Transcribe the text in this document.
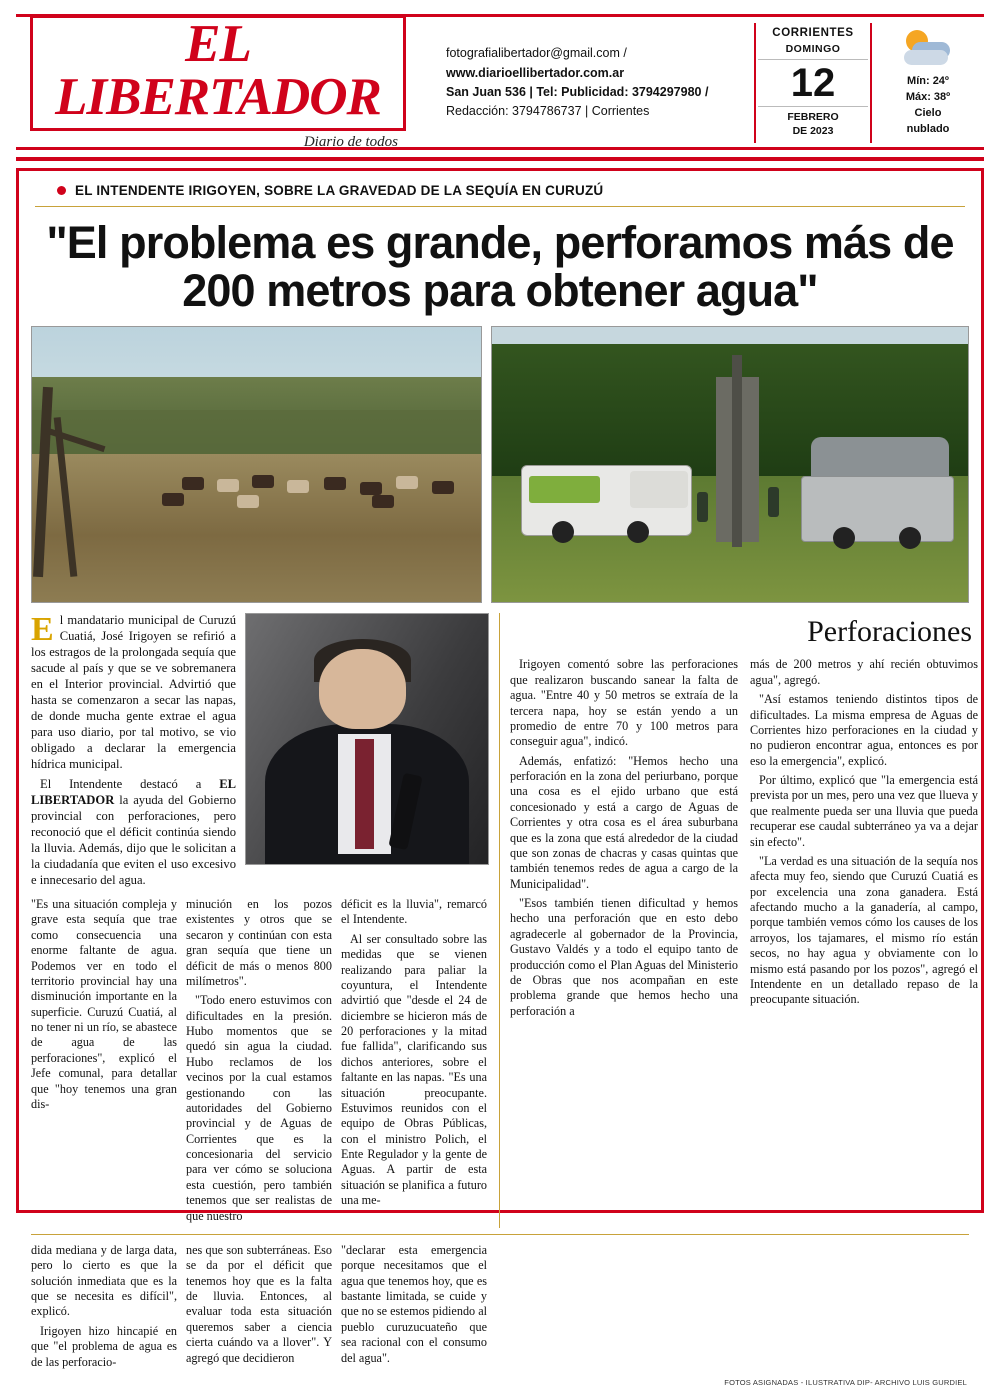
EL LIBERTADOR
Diario de todos
fotografialibertador@gmail.com /
www.diarioellibertador.com.ar
San Juan 536 | Tel: Publicidad: 3794297980 /
Redacción: 3794786737 | Corrientes
CORRIENTES
DOMINGO
12
FEBRERO
DE 2023
Mín: 24º
Máx: 38º
Cielo
nublado
EL INTENDENTE IRIGOYEN, SOBRE LA GRAVEDAD DE LA SEQUÍA EN CURUZÚ
"El problema es grande, perforamos más de 200 metros para obtener agua"
E l mandatario municipal de Curuzú Cuatiá, José Irigoyen se refirió a los estragos de la prolongada sequía que sacude al país y que se ve sobremanera en el Interior provincial. Advirtió que hasta se comenzaron a secar las napas, de donde mucha gente extrae el agua para uso diario, por tal motivo, se vio obligado a declarar la emergencia hídrica municipal.

El Intendente destacó a EL LIBERTADOR la ayuda del Gobierno provincial con perforaciones, pero reconoció que el déficit continúa siendo la lluvia. Además, dijo que le solicitan a la ciudadanía que eviten el uso excesivo e innecesario del agua.

"Es una situación compleja y grave esta sequía que trae como consecuencia una enorme faltante de agua. Podemos ver en todo el territorio provincial hay una disminución importante en la superficie. Curuzú Cuatiá, al no tener ni un río, se abastece de agua de las perforaciones", explicó el Jefe comunal, para detallar que "hoy tenemos una gran dis-

minución en los pozos existentes y otros que se secaron y continúan con esta gran sequía que tiene un déficit de más o menos 800 milímetros".

"Todo enero estuvimos con dificultades en la presión. Hubo momentos que se quedó sin agua la ciudad. Hubo reclamos de los vecinos por la cual estamos gestionando con las autoridades del Gobierno provincial y de Aguas de Corrientes que es la concesionaria del servicio para ver cómo se soluciona esta cuestión, pero también tenemos que ser realistas de que nuestro

déficit es la lluvia", remarcó el Intendente.

Al ser consultado sobre las medidas que se vienen realizando para paliar la coyuntura, el Intendente advirtió que "desde el 24 de diciembre se hicieron más de 20 perforaciones y la mitad fue fallida", clarificando sus dichos anteriores, sobre el faltante en las napas. "Es una situación preocupante. Estuvimos reunidos con el equipo de Obras Públicas, con el ministro Polich, el Ente Regulador y la gente de Aguas. A partir de esta situación se planifica a futuro una me-

Perforaciones

Irigoyen comentó sobre las perforaciones que realizaron buscando sanear la falta de agua. "Entre 40 y 50 metros se extraía de la tercera napa, hoy se están yendo a un promedio de entre 70 y 100 metros para conseguir agua", indicó.

Además, enfatizó: "Hemos hecho una perforación en la zona del periurbano, porque una cosa es el ejido urbano que está concesionado y está a cargo de Aguas de Corrientes y otra cosa es el área suburbana que es la zona que está alrededor de la ciudad que son zonas de chacras y casas quintas que también tenemos redes de agua a cargo de la Municipalidad".

"Esos también tienen dificultad y hemos hecho una perforación que en esto debo agradecerle al gobernador de la Provincia, Gustavo Valdés y a todo el equipo tanto de producción como el Plan Aguas del Ministerio de Obras que nos acompañan en este problema grande que hemos hecho una perforación a

más de 200 metros y ahí recién obtuvimos agua", agregó.

"Así estamos teniendo distintos tipos de dificultades. La misma empresa de Aguas de Corrientes hizo perforaciones en la ciudad y no pudieron encontrar agua, entonces es por eso la emergencia", explicó.

Por último, explicó que "la emergencia está prevista por un mes, pero una vez que llueva y que realmente pueda ser una lluvia que pueda recuperar ese caudal subterráneo ya va a dejar sin efecto".

"La verdad es una situación de la sequía nos afecta muy feo, siendo que Curuzú Cuatiá es por excelencia una zona ganadera. Está afectando mucho a la ganadería, al campo, porque también vemos cómo los causes de los arroyos, los tajamares, el mismo río están secos, no hay agua y obviamente con lo mismo está pasando por los pozos", agregó el Intendente en un detallado repaso de la preocupante situación.

dida mediana y de larga data, pero lo cierto es que la solución inmediata que es la que se necesita es difícil", explicó.

Irigoyen hizo hincapié en que "el problema de agua es de las perforacio-

nes que son subterráneas. Eso se da por el déficit que tenemos hoy que es la falta de lluvia. Entonces, al evaluar toda esta situación queremos saber a ciencia cierta cuándo va a llover". Y agregó que decidieron

"declarar esta emergencia porque necesitamos que el agua que tenemos hoy, que es bastante limitada, se cuide y que no se estemos pidiendo al pueblo curuzucuateño que sea racional con el consumo del agua".

FOTOS ASIGNADAS - ILUSTRATIVA DIP- ARCHIVO LUIS GURDIEL
